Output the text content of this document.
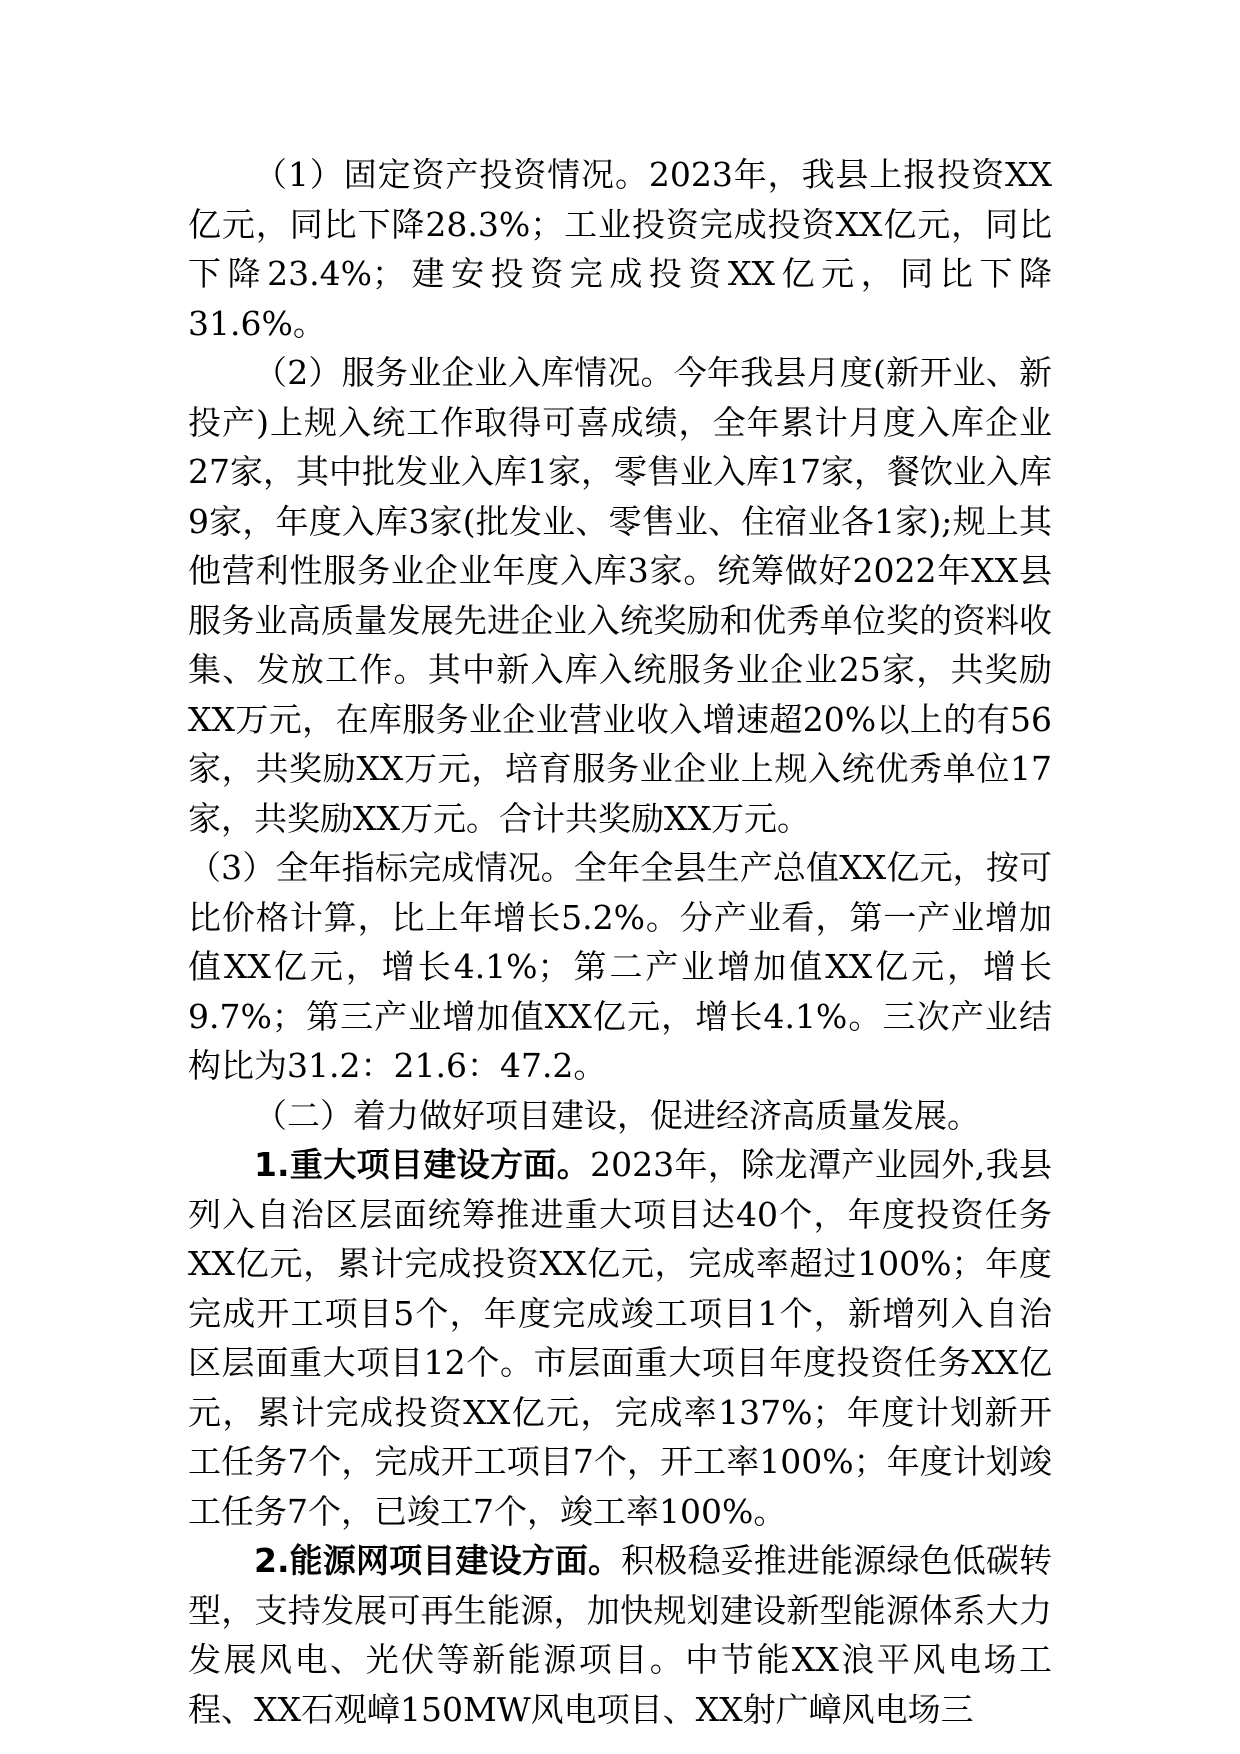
（1）固定资产投资情况。2023年，我县上报投资XX亿元，同比下降28.3%；工业投资完成投资XX亿元，同比下降23.4%；建安投资完成投资XX亿元，同比下降31.6%。

（2）服务业企业入库情况。今年我县月度(新开业、新投产)上规入统工作取得可喜成绩，全年累计月度入库企业27家，其中批发业入库1家，零售业入库17家，餐饮业入库9家，年度入库3家(批发业、零售业、住宿业各1家);规上其他营利性服务业企业年度入库3家。统筹做好2022年XX县服务业高质量发展先进企业入统奖励和优秀单位奖的资料收集、发放工作。其中新入库入统服务业企业25家，共奖励XX万元，在库服务业企业营业收入增速超20%以上的有56家，共奖励XX万元，培育服务业企业上规入统优秀单位17家，共奖励XX万元。合计共奖励XX万元。

（3）全年指标完成情况。全年全县生产总值XX亿元，按可比价格计算，比上年增长5.2%。分产业看，第一产业增加值XX亿元，增长4.1%；第二产业增加值XX亿元，增长9.7%；第三产业增加值XX亿元，增长4.1%。三次产业结构比为31.2：21.6：47.2。

（二）着力做好项目建设，促进经济高质量发展。

1.重大项目建设方面。2023年，除龙潭产业园外,我县列入自治区层面统筹推进重大项目达40个，年度投资任务XX亿元，累计完成投资XX亿元，完成率超过100%；年度完成开工项目5个，年度完成竣工项目1个，新增列入自治区层面重大项目12个。市层面重大项目年度投资任务XX亿元，累计完成投资XX亿元，完成率137%；年度计划新开工任务7个，完成开工项目7个，开工率100%；年度计划竣工任务7个，已竣工7个，竣工率100%。

2.能源网项目建设方面。积极稳妥推进能源绿色低碳转型，支持发展可再生能源，加快规划建设新型能源体系大力发展风电、光伏等新能源项目。中节能XX浪平风电场工程、XX石观嶂150MW风电项目、XX射广嶂风电场三
